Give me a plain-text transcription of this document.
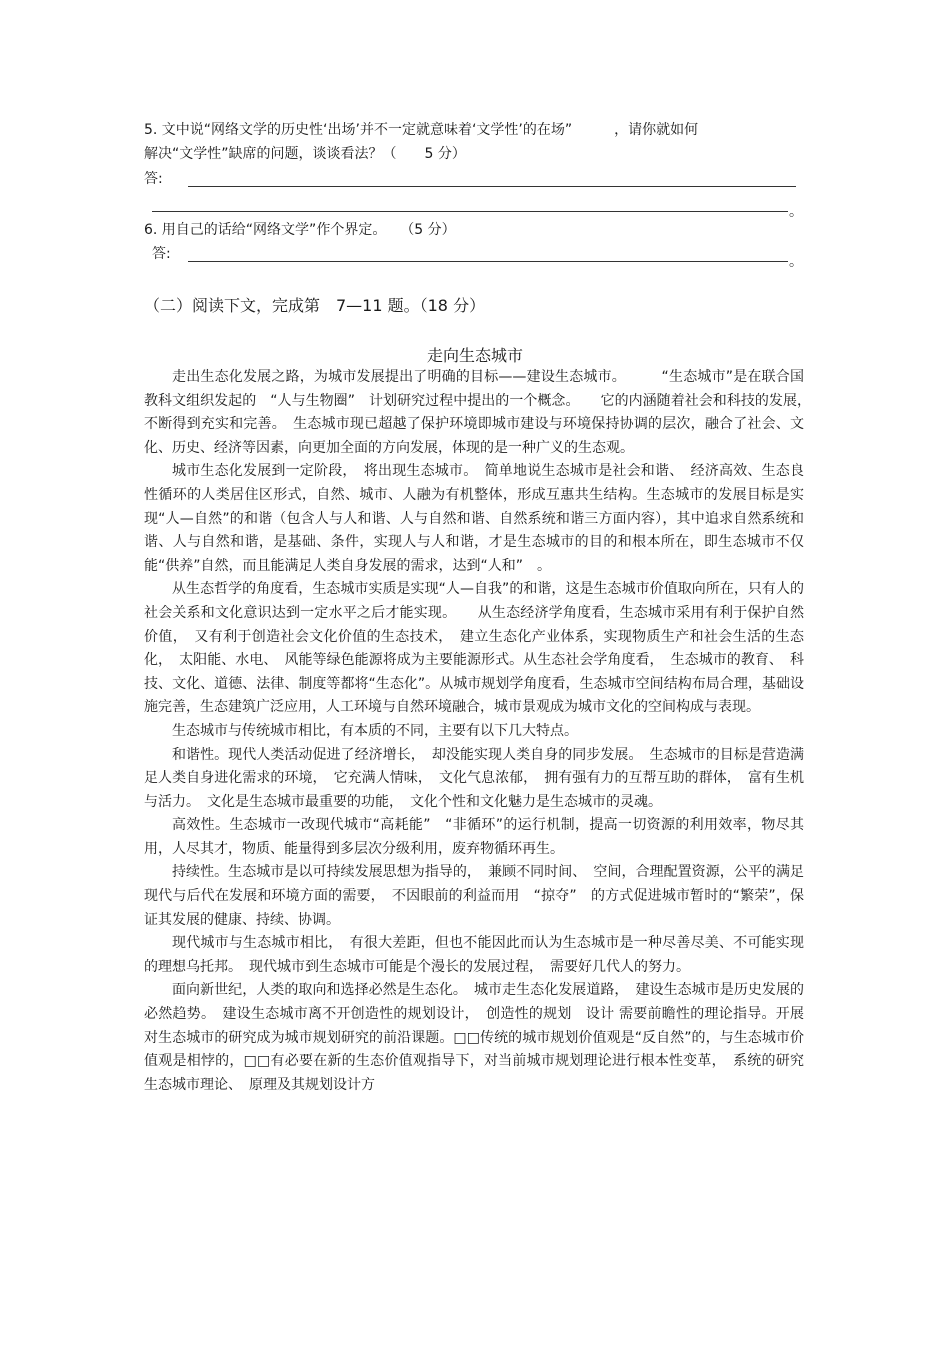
5. 文中说“网络文学的历史性‘出场’并不一定就意味着‘文学性’的在场”　　　，请你就如何
解决“文学性”缺席的问题，谈谈看法？（　　5 分）
答:
。
6. 用自己的话给“网络文学”作个界定。　　（5 分）
答:	。
（二）阅读下文，完成第　7—11 题。（18 分）
走向生态城市

走出生态化发展之路，为城市发展提出了明确的目标——建设生态城市。　　　“生态城市”是在联合国教科文组织发起的　“人与生物圈”　计划研究过程中提出的一个概念。　　它的内涵随着社会和科技的发展，　不断得到充实和完善。　生态城市现已超越了保护环境即城市建设与环境保持协调的层次，融合了社会、文化、历史、经济等因素，向更加全面的方向发展，体现的是一种广义的生态观。

城市生态化发展到一定阶段，　将出现生态城市。　简单地说生态城市是社会和谐、　经济高效、生态良性循环的人类居住区形式，自然、城市、人融为有机整体，形成互惠共生结构。生态城市的发展目标是实现“人—自然”的和谐（包含人与人和谐、人与自然和谐、自然系统和谐三方面内容），其中追求自然系统和谐、人与自然和谐，是基础、条件，实现人与人和谐，才是生态城市的目的和根本所在，即生态城市不仅能“供养”自然，而且能满足人类自身发展的需求，达到“人和”　。

从生态哲学的角度看，生态城市实质是实现“人—自我”的和谐，这是生态城市价值取向所在，只有人的社会关系和文化意识达到一定水平之后才能实现。　　从生态经济学角度看，生态城市采用有利于保护自然价值，　又有利于创造社会文化价值的生态技术，　建立生态化产业体系，实现物质生产和社会生活的生态化，　太阳能、水电、　风能等绿色能源将成为主要能源形式。从生态社会学角度看，　生态城市的教育、　科技、文化、道德、法律、制度等都将“生态化”。从城市规划学角度看，生态城市空间结构布局合理，基础设施完善，生态建筑广泛应用，人工环境与自然环境融合，城市景观成为城市文化的空间构成与表现。

生态城市与传统城市相比，有本质的不同，主要有以下几大特点。

和谐性。现代人类活动促进了经济增长，　却没能实现人类自身的同步发展。　生态城市的目标是营造满足人类自身进化需求的环境，　它充满人情味，　文化气息浓郁，　拥有强有力的互帮互助的群体，　富有生机与活力。　文化是生态城市最重要的功能，　文化个性和文化魅力是生态城市的灵魂。

高效性。生态城市一改现代城市“高耗能”　“非循环”的运行机制，提高一切资源的利用效率，物尽其用，人尽其才，物质、能量得到多层次分级利用，废弃物循环再生。

持续性。生态城市是以可持续发展思想为指导的，　兼顾不同时间、　空间，合理配置资源，公平的满足现代与后代在发展和环境方面的需要，　不因眼前的利益而用　“掠夺”　的方式促进城市暂时的“繁荣”，保证其发展的健康、持续、协调。

现代城市与生态城市相比，　有很大差距，但也不能因此而认为生态城市是一种尽善尽美、不可能实现的理想乌托邦。　现代城市到生态城市可能是个漫长的发展过程，　需要好几代人的努力。

面向新世纪，人类的取向和选择必然是生态化。　城市走生态化发展道路，　建设生态城市是历史发展的必然趋势。　建设生态城市离不开创造性的规划设计，　创造性的规划　设计 需要前瞻性的理论指导。开展对生态城市的研究成为城市规划研究的前沿课题。□□传统的城市规划价值观是“反自然”的，与生态城市价值观是相悖的，□□有必要在新的生态价值观指导下，对当前城市规划理论进行根本性变革，　系统的研究生态城市理论、　原理及其规划设计方
